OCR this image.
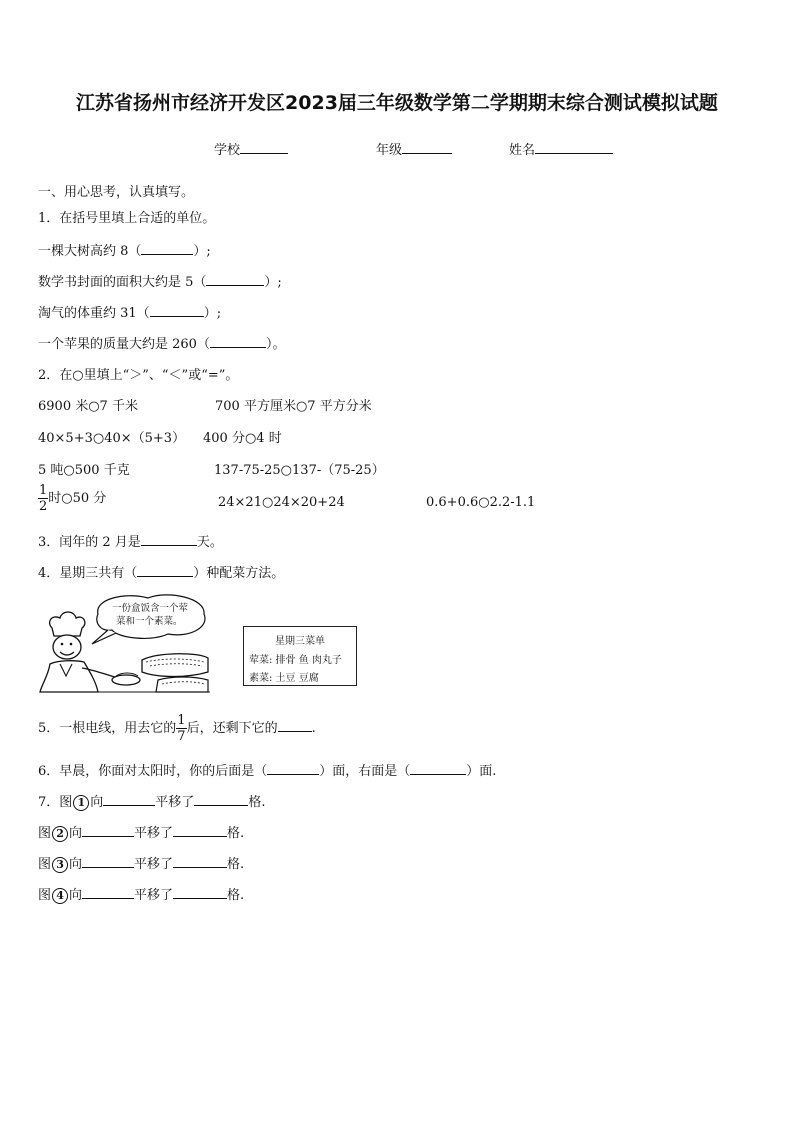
江苏省扬州市经济开发区2023届三年级数学第二学期期末综合测试模拟试题
学校	年级	姓名
一、用心思考，认真填写。
1．在括号里填上合适的单位。
一棵大树高约 8（	）;
数学书封面的面积大约是 5（	）;
淘气的体重约 31（	）;
一个苹果的质量大约是 260（	）。
2．在○里填上“＞”、“＜”或“=”。
6900 米○7 千米	700 平方厘米○7 平方分米
40×5+3○40×（5+3） 400 分○4 时
5 吨○500 千克	137-75-25○137-（75-25）
$\frac{1}{2}$ 时○50 分	24×21○24×20+24	0.6+0.6○2.2-1.1
3．闰年的 2 月是	天。
4．星期三共有（	）种配菜方法。
一份盒饭含一个荤
菜和一个素菜。
星期三菜单
荤菜: 排骨 鱼 肉丸子
素菜: 土豆 豆腐
5．一根电线，用去它的 $\frac{1}{7}$ 后，还剩下它的	.
6．早晨，你面对太阳时，你的后面是（	）面，右面是（	）面.
7．图 1 向	平移了	格.
图 2 向	平移了	格.
图 3 向	平移了	格.
图 4 向	平移了	格.
